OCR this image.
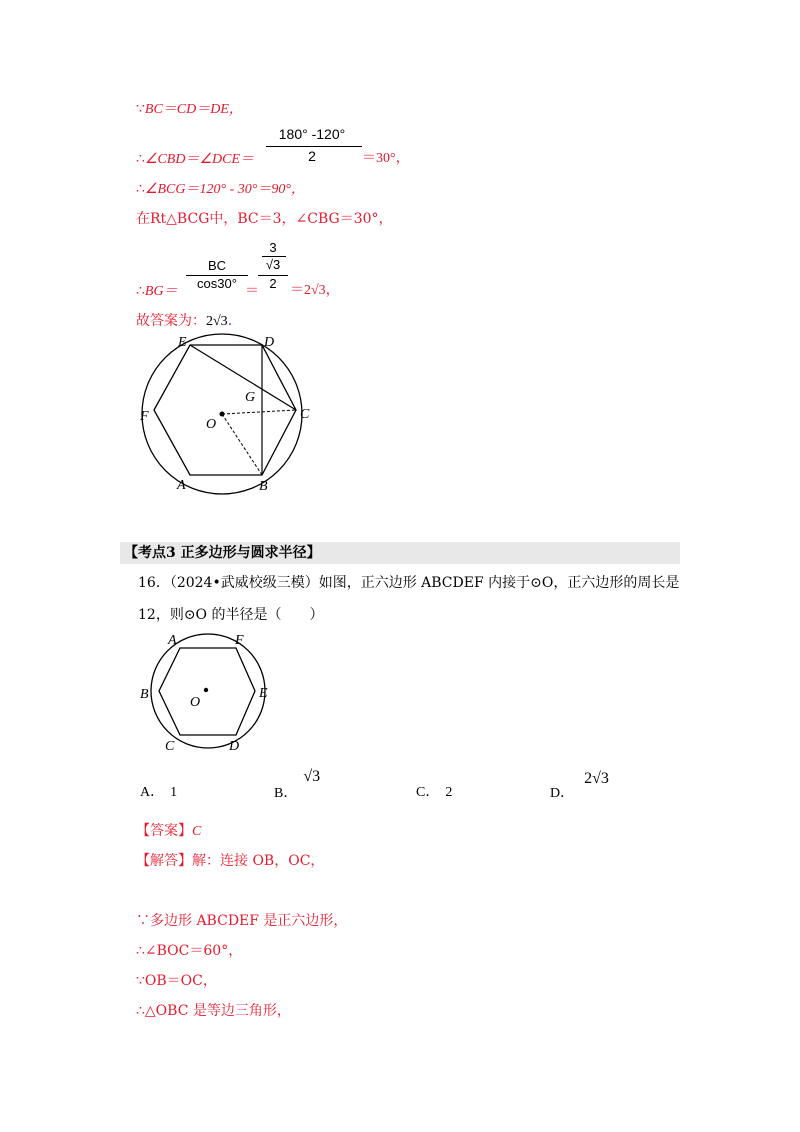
∵BC＝CD＝DE，
∴∠CBD＝∠DCE＝
180° -120°
2	＝30°，
∴∠BCG＝120° - 30°＝90°，
在Rt△BCG中，BC＝3，∠CBG＝30°，
∴BG＝
BC
cos30° ＝
3
√3
2 ＝2√3，
故答案为：2√3.
E	D
F
G
C
O
A	B
【考点3 正多边形与圆求半径】
16．（2024•武威校级三模）如图，正六边形 ABCDEF 内接于⊙O，正六边形的周长是
12，则⊙O 的半径是（　　）
A	F
B
O
E
C	D
A． 1	B．√3
C． 2	D．2√3
【答案】C
【解答】解：连接 OB，OC，
∵多边形 ABCDEF 是正六边形，
∴∠BOC＝60°，
∵OB＝OC，
∴△OBC 是等边三角形，
